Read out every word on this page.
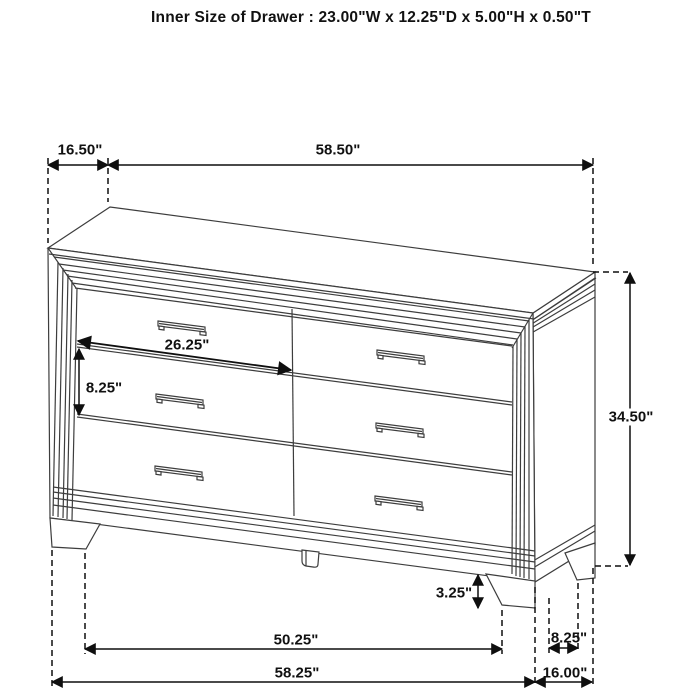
Inner Size of Drawer : 23.00"W x 12.25"D x 5.00"H x 0.50"T
16.50"	58.50"
26.25"
8.25"
34.50"
3.25"
50.25"	8.25"
58.25"	16.00"
